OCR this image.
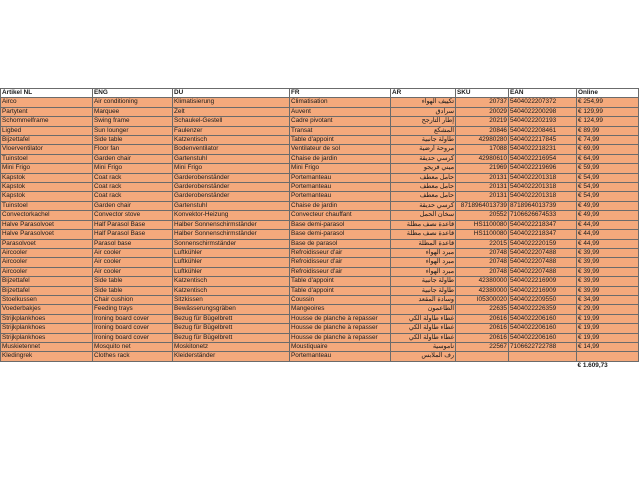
Artikel NL	ENG	DU	FR	AR	SKU	EAN	Online
Airco	Air conditioning	Klimatisierung	Climatisation	تكييف الهواء	20737	5404022207372	€ 254,99
Partytent	Marquee	Zelt	Auvent	سرادق	20029	5404022200298	€ 129,99
Schommelframe	Swing frame	Schaukel-Gestell	Cadre pivotant	إطار التأرجح	20219	5404022202193	€ 124,99
Ligbed	Sun lounger	Faulenzer	Transat	المشكع	20846	5404022208461	€ 89,99
Bijzettafel	Side table	Katzentisch	Table d'appoint	طاولة جانبية	42980280	5404022217845	€ 74,99
Vloerventilator	Floor fan	Bodenventilator	Ventilateur de sol	مروحة أرضية	17088	5404022218231	€ 69,99
Tuinstoel	Garden chair	Gartenstuhl	Chaise de jardin	كرسي حديقة	42980610	5404022216954	€ 64,99
Mini Frigo	Mini Frigo	Mini Frigo	Mini Frigo	ميني فريجو	21969	5404022219696	€ 59,99
Kapstok	Coat rack	Garderobenständer	Portemanteau	حامل معطف	20131	5404022201318	€ 54,99
Kapstok	Coat rack	Garderobenständer	Portemanteau	حامل معطف	20131	5404022201318	€ 54,99
Kapstok	Coat rack	Garderobenständer	Portemanteau	حامل معطف	20131	5404022201318	€ 54,99
Tuinstoel	Garden chair	Gartenstuhl	Chaise de jardin	كرسي حديقة	8718964013739	8718964013739	€ 49,99
Convectorkachel	Convector stove	Konvektor-Heizung	Convecteur chauffant	سخان الحمل	20552	7106626674533	€ 49,99
Halve Parasolvoet	Half Parasol Base	Halber Sonnenschirmständer	Base demi-parasol	قاعدة نصف مظلة	HS1100080	5404022218347	€ 44,99
Halve Parasolvoet	Half Parasol Base	Halber Sonnenschirmständer	Base demi-parasol	قاعدة نصف مظلة	HS1100080	5404022218347	€ 44,99
Parasolvoet	Parasol base	Sonnenschirmständer	Base de parasol	قاعدة المظلة	22015	5404022220159	€ 44,99
Aircooler	Air cooler	Luftkühler	Refroidisseur d'air	مبرد الهواء	20748	5404022207488	€ 39,99
Aircooler	Air cooler	Luftkühler	Refroidisseur d'air	مبرد الهواء	20748	5404022207488	€ 39,99
Aircooler	Air cooler	Luftkühler	Refroidisseur d'air	مبرد الهواء	20748	5404022207488	€ 39,99
Bijzettafel	Side table	Katzentisch	Table d'appoint	طاولة جانبية	42380000	5404022216909	€ 39,99
Bijzettafel	Side table	Katzentisch	Table d'appoint	طاولة جانبية	42380000	5404022216909	€ 39,99
Stoelkussen	Chair cushion	Sitzkissen	Coussin	وسادة المقعد	I05300020	5404022209550	€ 34,99
Voederbakjes	Feeding trays	Bewässerungsgräben	Mangeoires	الطاعمون	22635	5404022226359	€ 29,99
Strijkplankhoes	Ironing board cover	Bezug für Bügelbrett	Housse de planche à repasser	غطاء طاولة الكي	20616	5404022206160	€ 19,99
Strijkplankhoes	Ironing board cover	Bezug für Bügelbrett	Housse de planche à repasser	غطاء طاولة الكي	20616	5404022206160	€ 19,99
Strijkplankhoes	Ironing board cover	Bezug für Bügelbrett	Housse de planche à repasser	غطاء طاولة الكي	20616	5404022206160	€ 19,99
Muskietennet	Mosquito net	Moskitonetz	Moustiquaire	ناموسية	22567	7106622722788	€ 14,99
Kledingrek	Clothes rack	Kleiderständer	Portemanteau	رف الملابس			
							€ 1.609,73
